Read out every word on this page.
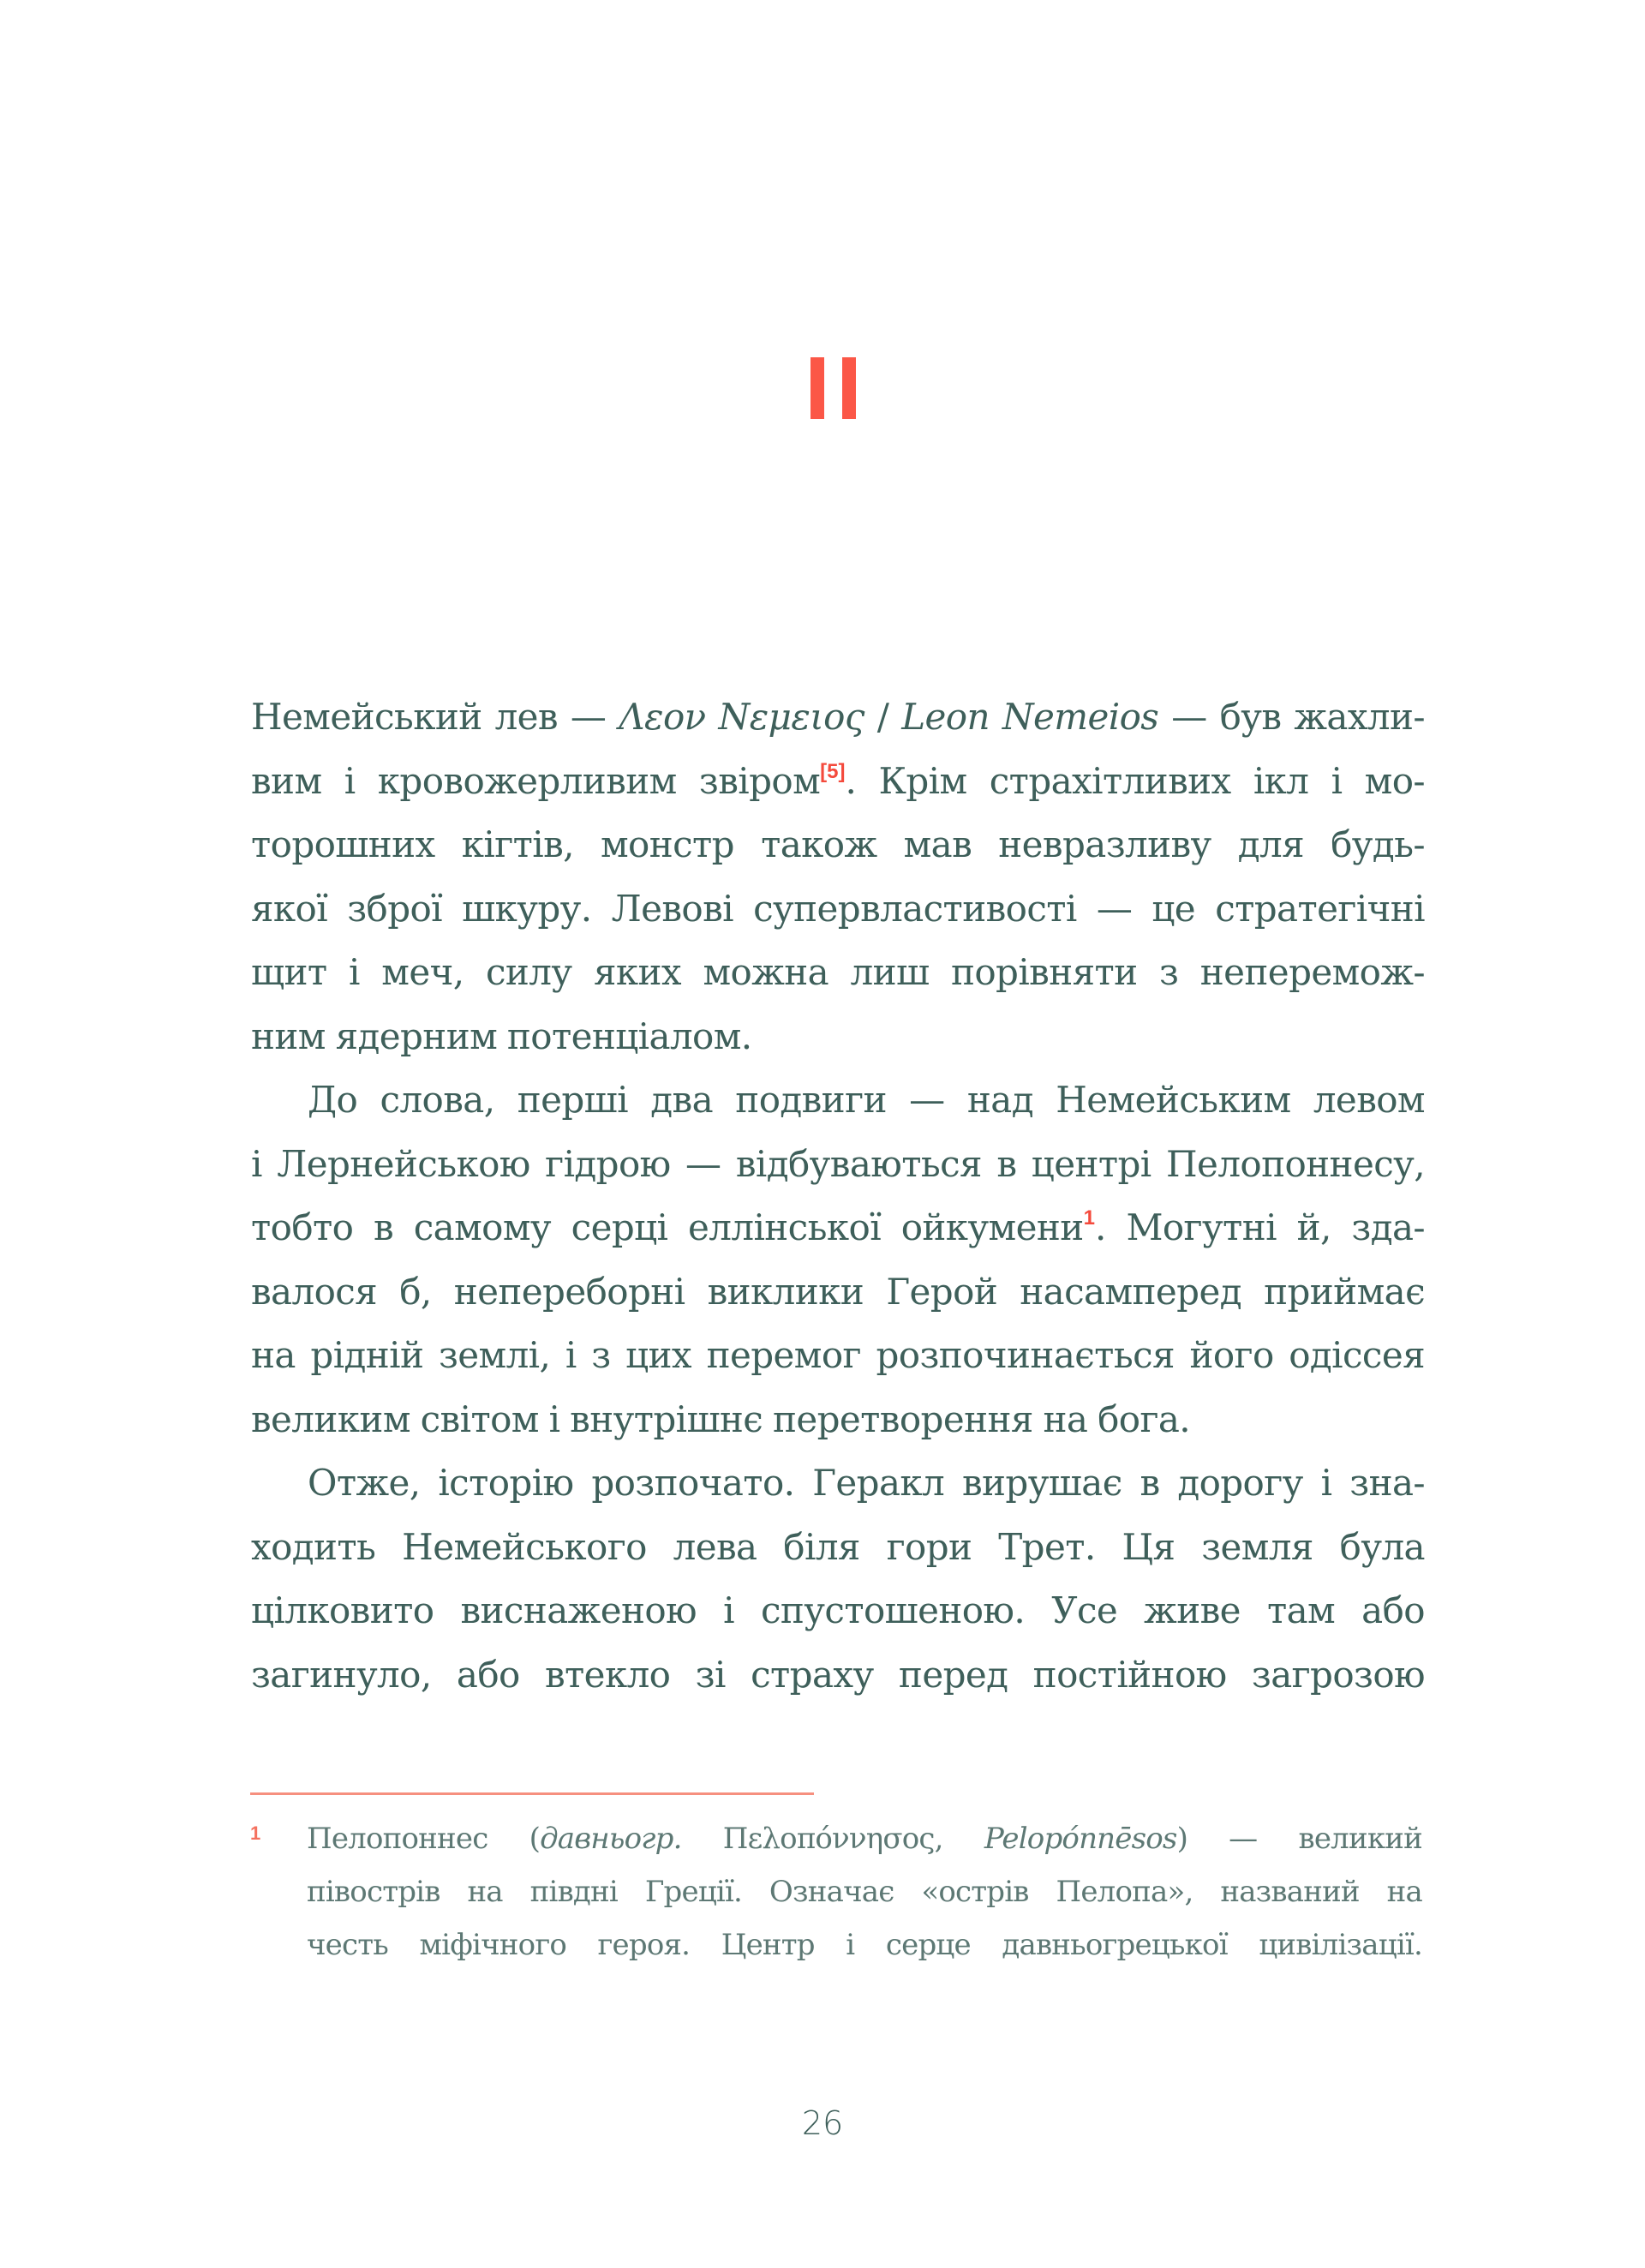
Немейський лев — Λεον Νεμειος / Leon Nemeios — був жахли-
вим і кровожерливим звіром[5]. Крім страхітливих ікл і мо-
торошних кігтів, монстр також мав невразливу для будь-
якої зброї шкуру. Левові супервластивості — це стратегічні
щит і меч, силу яких можна лиш порівняти з неперемож-
ним ядерним потенціалом.

До слова, перші два подвиги — над Немейським левом
і Лернейською гідрою — відбуваються в центрі Пелопоннесу,
тобто в самому серці еллінської ойкумени$^1$. Могутні й, зда-
валося б, непереборні виклики Герой насамперед приймає
на рідній землі, і з цих перемог розпочинається його одіссея
великим світом і внутрішнє перетворення на бога.

Отже, історію розпочато. Геракл вирушає в дорогу і зна-
ходить Немейського лева біля гори Трет. Ця земля була
цілковито виснаженою і спустошеною. Усе живе там або
загинуло, або втекло зі страху перед постійною загрозою

1 Пелопоннес (давньогр. Πελοπόννησος, Pelopónnēsos) — великий
півострів на півдні Греції. Означає «острів Пелопа», названий на
честь міфічного героя. Центр і серце давньогрецької цивілізації.
26
